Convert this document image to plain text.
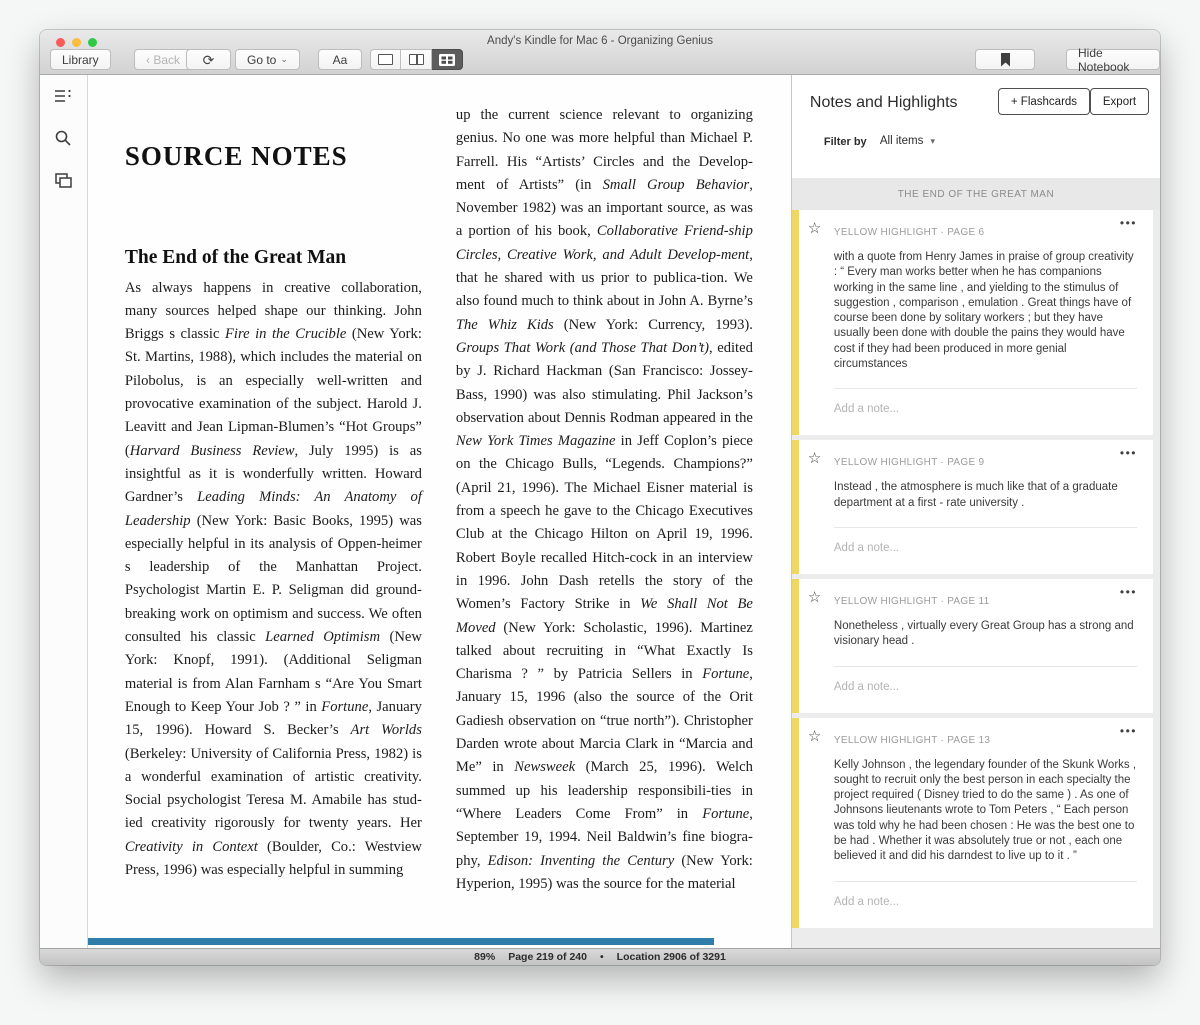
Andy's Kindle for Mac 6 - Organizing Genius
Library	‹ Back	⟳	Go to ⌄	Aa	Hide Notebook
SOURCE NOTES
The End of the Great Man
As always happens in creative collaboration, many sources helped shape our thinking. John Briggs s classic Fire in the Crucible (New York: St. Martins, 1988), which includes the material on Pilobolus, is an especially well-written and provocative examination of the subject. Harold J. Leavitt and Jean Lipman-Blumen’s “Hot Groups” (Harvard Business Review, July 1995) is as insightful as it is wonderfully written. Howard Gardner’s Leading Minds: An Anatomy of Leadership (New York: Basic Books, 1995) was especially helpful in its analysis of Oppen-heimer s leadership of the Manhattan Project. Psychologist Martin E. P. Seligman did ground-breaking work on optimism and success. We often consulted his classic Learned Optimism (New York: Knopf, 1991). (Additional Seligman material is from Alan Farnham s “Are You Smart Enough to Keep Your Job ? ” in Fortune, January 15, 1996). Howard S. Becker’s Art Worlds (Berkeley: University of California Press, 1982) is a wonderful examination of artistic creativity. Social psychologist Teresa M. Amabile has stud-ied creativity rigorously for twenty years. Her Creativity in Context (Boulder, Co.: Westview Press, 1996) was especially helpful in summing
up the current science relevant to organizing genius. No one was more helpful than Michael P. Farrell. His “Artists’ Circles and the Develop-ment of Artists” (in Small Group Behavior, November 1982) was an important source, as was a portion of his book, Collaborative Friend-ship Circles, Creative Work, and Adult Develop-ment, that he shared with us prior to publica-tion. We also found much to think about in John A. Byrne’s The Whiz Kids (New York: Currency, 1993). Groups That Work (and Those That Don’t), edited by J. Richard Hackman (San Francisco: Jossey-Bass, 1990) was also stimulating. Phil Jackson’s observation about Dennis Rodman appeared in the New York Times Magazine in Jeff Coplon’s piece on the Chicago Bulls, “Legends. Champions?” (April 21, 1996). The Michael Eisner material is from a speech he gave to the Chicago Executives Club at the Chicago Hilton on April 19, 1996. Robert Boyle recalled Hitch-cock in an interview in 1996. John Dash retells the story of the Women’s Factory Strike in We Shall Not Be Moved (New York: Scholastic, 1996). Martinez talked about recruiting in “What Exactly Is Charisma ? ” by Patricia Sellers in Fortune, January 15, 1996 (also the source of the Orit Gadiesh observation on “true north”). Christopher Darden wrote about Marcia Clark in “Marcia and Me” in Newsweek (March 25, 1996). Welch summed up his leadership responsibili-ties in “Where Leaders Come From” in Fortune, September 19, 1994. Neil Baldwin’s fine biogra-phy, Edison: Inventing the Century (New York: Hyperion, 1995) was the source for the material
Notes and Highlights	+ Flashcards	Export
Filter by All items ▾
THE END OF THE GREAT MAN
☆ YELLOW HIGHLIGHT · PAGE 6
•••
with a quote from Henry James in praise of group creativity : “ Every man works better when he has companions working in the same line , and yielding to the stimulus of suggestion , comparison , emulation . Great things have of course been done by solitary workers ; but they have usually been done with double the pains they would have cost if they had been produced in more genial circumstances
Add a note...
☆ YELLOW HIGHLIGHT · PAGE 9
•••
Instead , the atmosphere is much like that of a graduate department at a first - rate university .
Add a note...
☆ YELLOW HIGHLIGHT · PAGE 11
•••
Nonetheless , virtually every Great Group has a strong and visionary head .
Add a note...
☆ YELLOW HIGHLIGHT · PAGE 13
•••
Kelly Johnson , the legendary founder of the Skunk Works , sought to recruit only the best person in each specialty the project required ( Disney tried to do the same ) . As one of Johnsons lieutenants wrote to Tom Peters , “ Each person was told why he had been chosen : He was the best one to be had . Whether it was absolutely true or not , each one believed it and did his darndest to live up to it . ”
Add a note...
89% Page 219 of 240 • Location 2906 of 3291
